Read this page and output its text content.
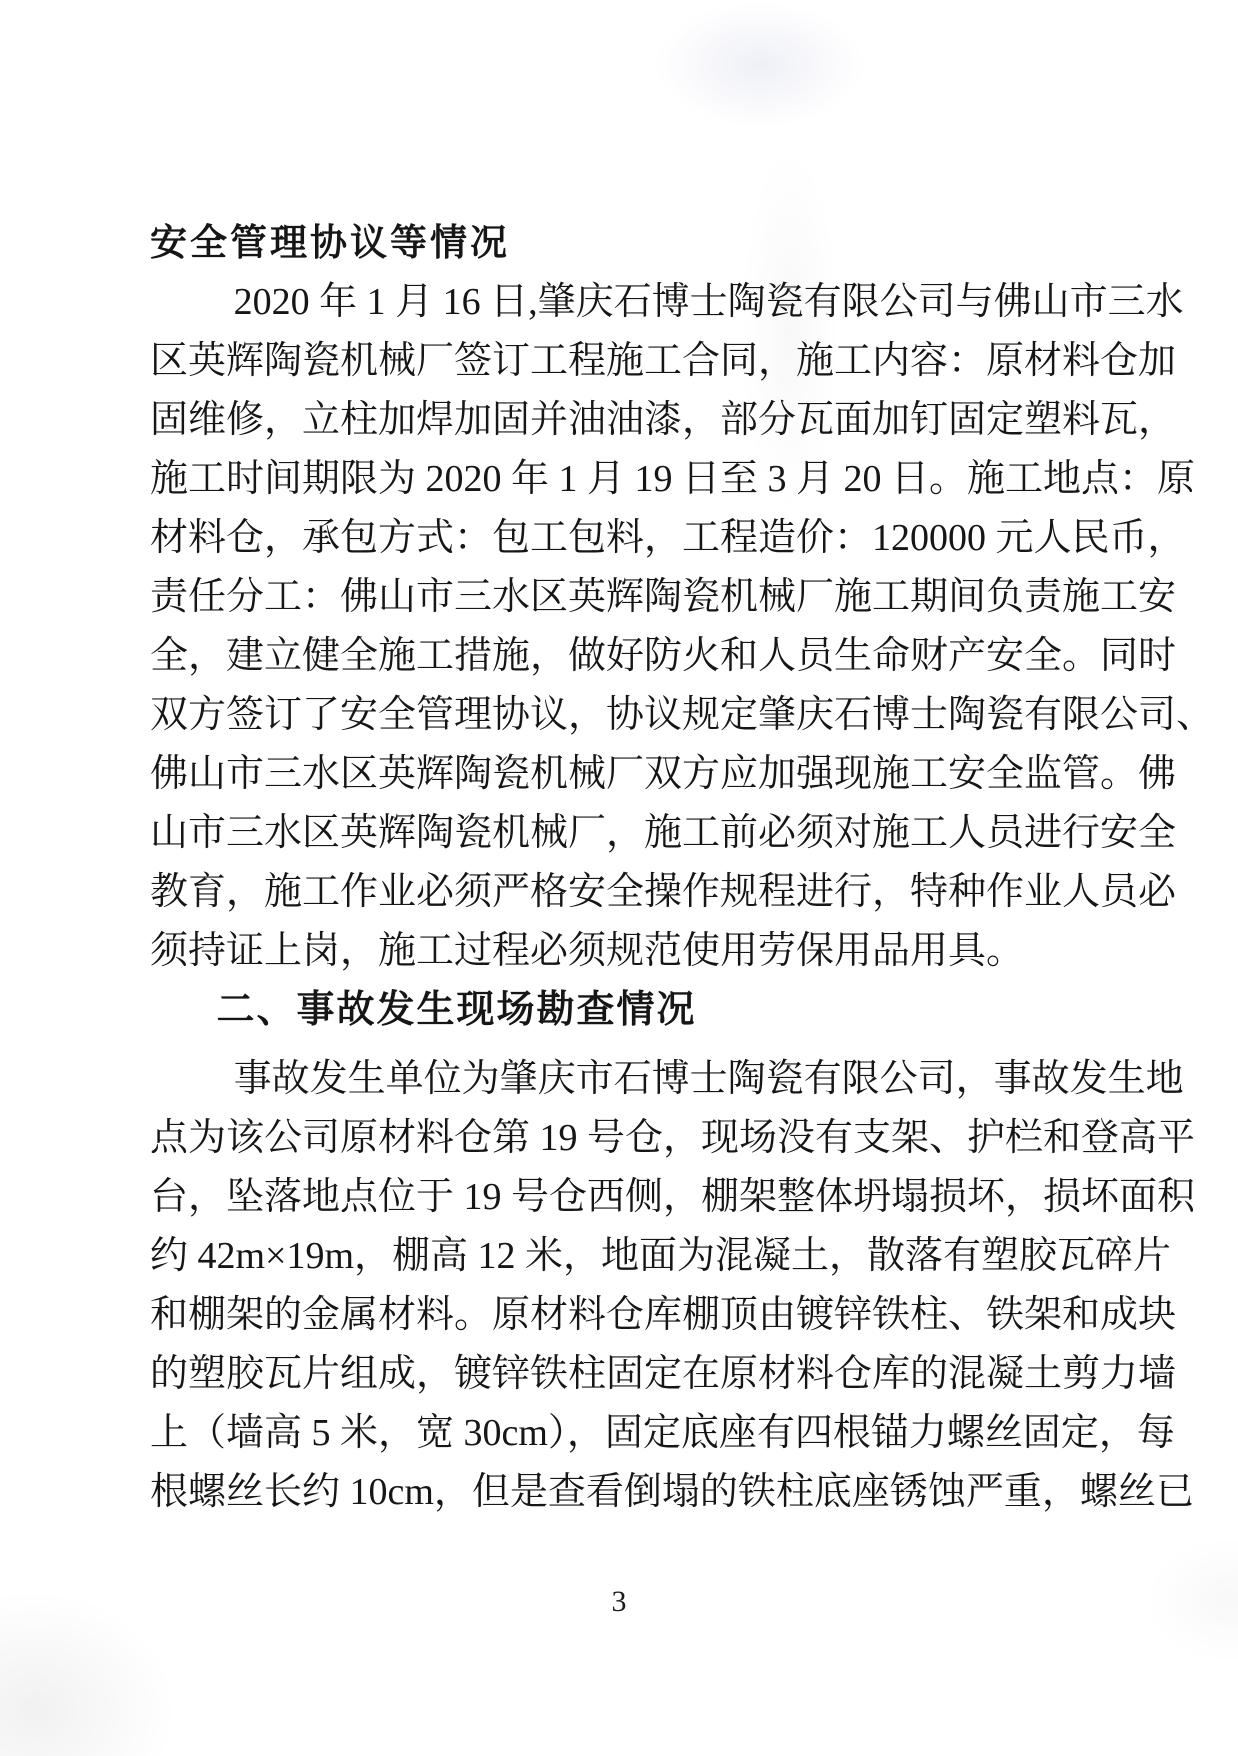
安全管理协议等情况
2020 年 1 月 16 日,肇庆石博士陶瓷有限公司与佛山市三水
区英辉陶瓷机械厂签订工程施工合同，施工内容：原材料仓加
固维修，立柱加焊加固并油油漆，部分瓦面加钉固定塑料瓦，
施工时间期限为 2020 年 1 月 19 日至 3 月 20 日。施工地点：原
材料仓，承包方式：包工包料，工程造价：120000 元人民币，
责任分工：佛山市三水区英辉陶瓷机械厂施工期间负责施工安
全，建立健全施工措施，做好防火和人员生命财产安全。同时
双方签订了安全管理协议，协议规定肇庆石博士陶瓷有限公司、
佛山市三水区英辉陶瓷机械厂双方应加强现施工安全监管。佛
山市三水区英辉陶瓷机械厂，施工前必须对施工人员进行安全
教育，施工作业必须严格安全操作规程进行，特种作业人员必
须持证上岗，施工过程必须规范使用劳保用品用具。
二、事故发生现场勘查情况
事故发生单位为肇庆市石博士陶瓷有限公司，事故发生地
点为该公司原材料仓第 19 号仓，现场没有支架、护栏和登高平
台，坠落地点位于 19 号仓西侧，棚架整体坍塌损坏，损坏面积
约 42m×19m，棚高 12 米，地面为混凝土，散落有塑胶瓦碎片
和棚架的金属材料。原材料仓库棚顶由镀锌铁柱、铁架和成块
的塑胶瓦片组成，镀锌铁柱固定在原材料仓库的混凝土剪力墙
上（墙高 5 米，宽 30cm），固定底座有四根锚力螺丝固定，每
根螺丝长约 10cm，但是查看倒塌的铁柱底座锈蚀严重，螺丝已
3
